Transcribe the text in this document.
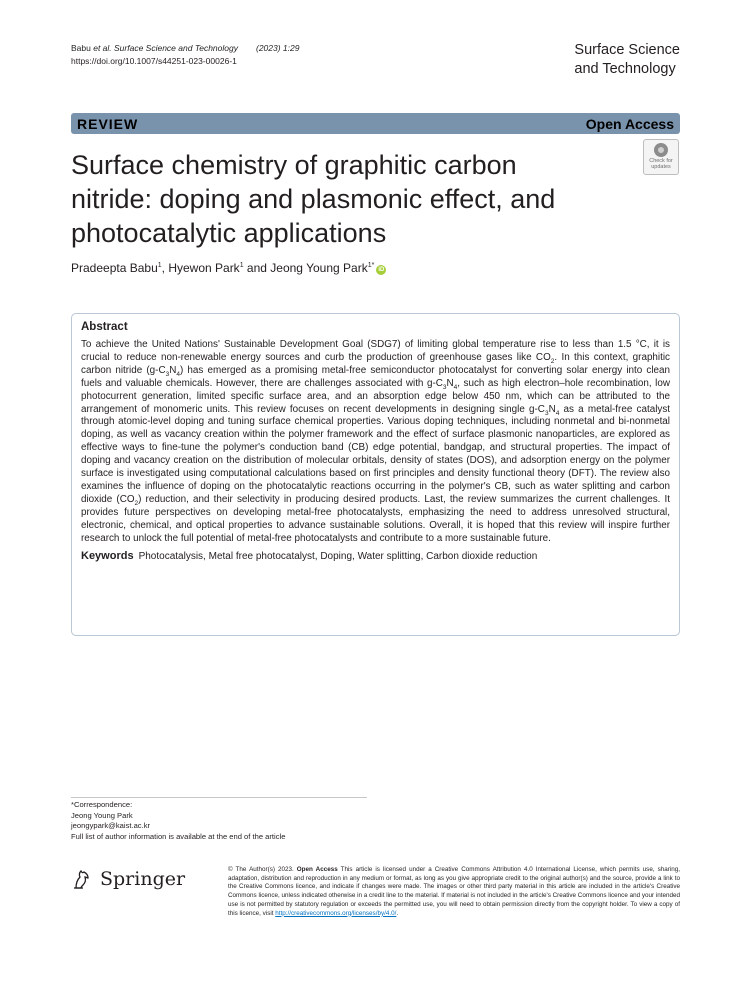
Babu et al. Surface Science and Technology (2023) 1:29
https://doi.org/10.1007/s44251-023-00026-1
Surface Science
and Technology
REVIEW	Open Access
Check for
updates
Surface chemistry of graphitic carbon nitride: doping and plasmonic effect, and photocatalytic applications
Pradeepta Babu$^1$, Hyewon Park$^1$ and Jeong Young Park$^{1*}$iD
Abstract

To achieve the United Nations' Sustainable Development Goal (SDG7) of limiting global temperature rise to less than 1.5 °C, it is crucial to reduce non-renewable energy sources and curb the production of greenhouse gases like $CO_2$. In this context, graphitic carbon nitride $(g-C_3N_4)$ has emerged as a promising metal-free semiconductor photocatalyst for converting solar energy into clean fuels and valuable chemicals. However, there are challenges associated with $g-C_3N_4$, such as high electron–hole recombination, low photocurrent generation, limited specific surface area, and an absorption edge below 450 nm, which can be attributed to the arrangement of monomeric units. This review focuses on recent developments in designing single $g-C_3N_4$ as a metal-free catalyst through atomic-level doping and tuning surface chemical properties. Various doping techniques, including nonmetal and bi-nonmetal doping, as well as vacancy creation within the polymer framework and the effect of surface plasmonic nanoparticles, are explored as effective ways to fine-tune the polymer's conduction band (CB) edge potential, bandgap, and structural properties. The impact of doping and vacancy creation on the distribution of molecular orbitals, density of states (DOS), and adsorption energy on the polymer surface is investigated using computational calculations based on first principles and density functional theory (DFT). The review also examines the influence of doping on the photocatalytic reactions occurring in the polymer's CB, such as water splitting and carbon dioxide $(CO_2)$ reduction, and their selectivity in producing desired products. Last, the review summarizes the current challenges. It provides future perspectives on developing metal-free photocatalysts, emphasizing the need to address unresolved structural, electronic, chemical, and optical properties to advance sustainable solutions. Overall, it is hoped that this review will inspire further research to unlock the full potential of metal-free photocatalysts and contribute to a more sustainable future.

Keywords Photocatalysis, Metal free photocatalyst, Doping, Water splitting, Carbon dioxide reduction
*Correspondence:
Jeong Young Park
jeongypark@kaist.ac.kr
Full list of author information is available at the end of the article
Springer	© The Author(s) 2023. Open Access This article is licensed under a Creative Commons Attribution 4.0 International License, which permits use, sharing, adaptation, distribution and reproduction in any medium or format, as long as you give appropriate credit to the original author(s) and the source, provide a link to the Creative Commons licence, and indicate if changes were made. The images or other third party material in this article are included in the article's Creative Commons licence, unless indicated otherwise in a credit line to the material. If material is not included in the article's Creative Commons licence and your intended use is not permitted by statutory regulation or exceeds the permitted use, you will need to obtain permission directly from the copyright holder. To view a copy of this licence, visit http://creativecommons.org/licenses/by/4.0/.
